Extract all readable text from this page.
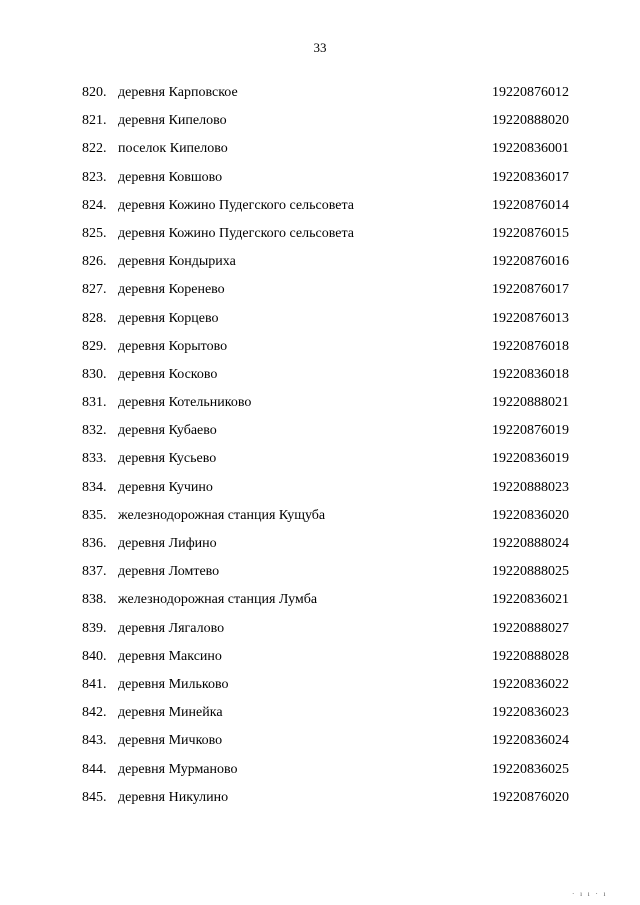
33
820. деревня Карповское	19220876012
821. деревня Кипелово	19220888020
822. поселок Кипелово	19220836001
823. деревня Ковшово	19220836017
824. деревня Кожино Пудегского сельсовета	19220876014
825. деревня Кожино Пудегского сельсовета	19220876015
826. деревня Кондыриха	19220876016
827. деревня Коренево	19220876017
828. деревня Корцево	19220876013
829. деревня Корытово	19220876018
830. деревня Косково	19220836018
831. деревня Котельниково	19220888021
832. деревня Кубаево	19220876019
833. деревня Кусьево	19220836019
834. деревня Кучино	19220888023
835. железнодорожная станция Кущуба	19220836020
836. деревня Лифино	19220888024
837. деревня Ломтево	19220888025
838. железнодорожная станция Лумба	19220836021
839. деревня Лягалово	19220888027
840. деревня Максино	19220888028
841. деревня Мильково	19220836022
842. деревня Минейка	19220836023
843. деревня Мичково	19220836024
844. деревня Мурманово	19220836025
845. деревня Никулино	19220876020
· ı ı · ı
